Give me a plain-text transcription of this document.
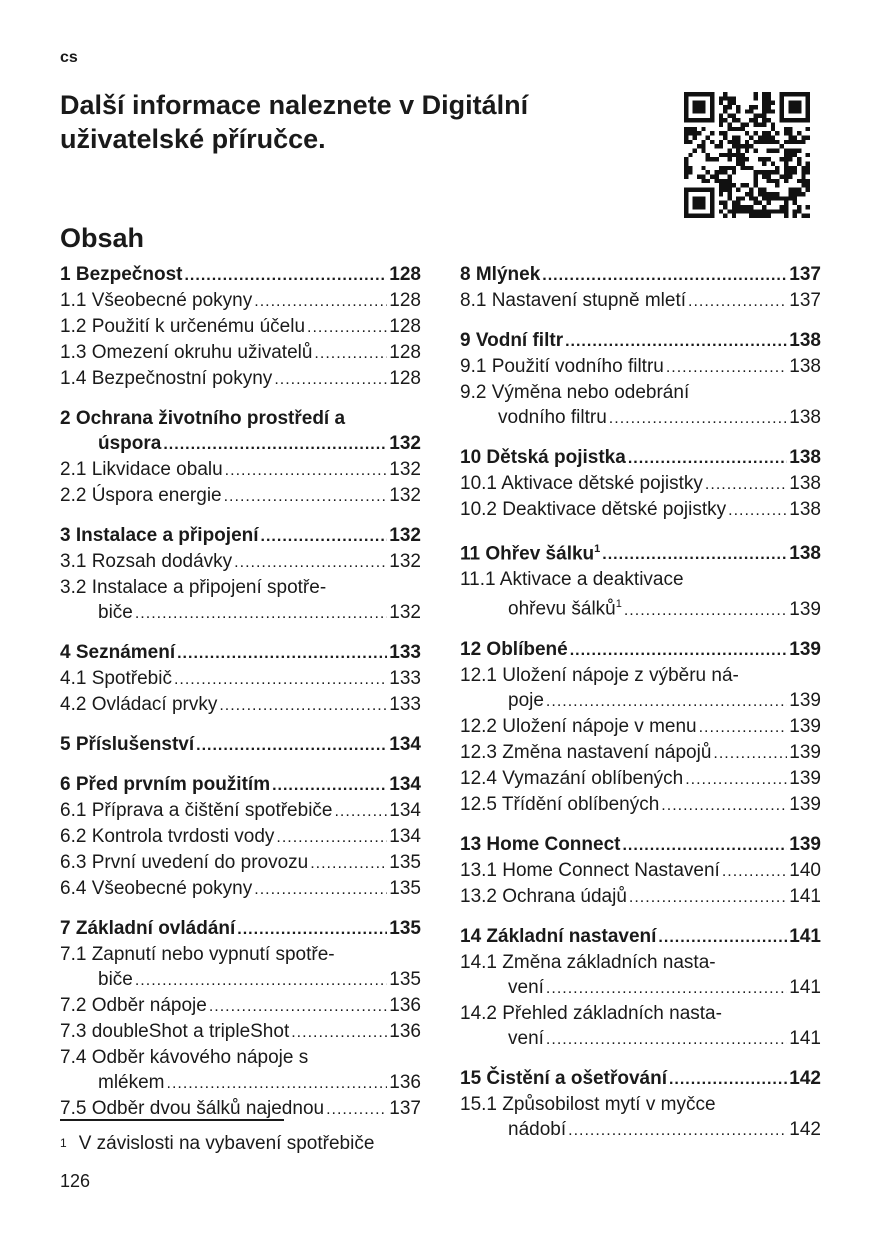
cs
Další informace naleznete v Digitální uživatelské příručce.
Obsah
1 Bezpečnost .....	128
1.1 Všeobecné pokyny .....	128
1.2 Použití k určenému účelu .....	128
1.3 Omezení okruhu uživatelů .....	128
1.4 Bezpečnostní pokyny .....	128
2 Ochrana životního prostředí a
úspora .....	132
2.1 Likvidace obalu .....	132
2.2 Úspora energie .....	132
3 Instalace a připojení .....	132
3.1 Rozsah dodávky .....	132
3.2 Instalace a připojení spotře-
biče .....	132
4 Seznámení .....	133
4.1 Spotřebič .....	133
4.2 Ovládací prvky .....	133
5 Příslušenství .....	134
6 Před prvním použitím .....	134
6.1 Příprava a čištění spotřebiče .....	134
6.2 Kontrola tvrdosti vody .....	134
6.3 První uvedení do provozu .....	135
6.4 Všeobecné pokyny .....	135
7 Základní ovládání .....	135
7.1 Zapnutí nebo vypnutí spotře-
biče .....	135
7.2 Odběr nápoje .....	136
7.3 doubleShot a tripleShot .....	136
7.4 Odběr kávového nápoje s
mlékem .....	136
7.5 Odběr dvou šálků najednou .....	137
8 Mlýnek .....	137
8.1 Nastavení stupně mletí .....	137
9 Vodní filtr .....	138
9.1 Použití vodního filtru .....	138
9.2 Výměna nebo odebrání
vodního filtru .....	138
10 Dětská pojistka .....	138
10.1 Aktivace dětské pojistky .....	138
10.2 Deaktivace dětské pojistky .....	138
11 Ohřev šálku$^1$ .....	138
11.1 Aktivace a deaktivace
ohřevu šálků$^1$ .....	139
12 Oblíbené .....	139
12.1 Uložení nápoje z výběru ná-
poje .....	139
12.2 Uložení nápoje v menu .....	139
12.3 Změna nastavení nápojů .....	139
12.4 Vymazání oblíbených .....	139
12.5 Třídění oblíbených .....	139
13 Home Connect .....	139
13.1 Home Connect Nastavení .....	140
13.2 Ochrana údajů .....	141
14 Základní nastavení .....	141
14.1 Změna základních nasta-
vení .....	141
14.2 Přehled základních nasta-
vení .....	141
15 Čistění a ošetřování .....	142
15.1 Způsobilost mytí v myčce
nádobí .....	142
$^1$ V závislosti na vybavení spotřebiče
126
